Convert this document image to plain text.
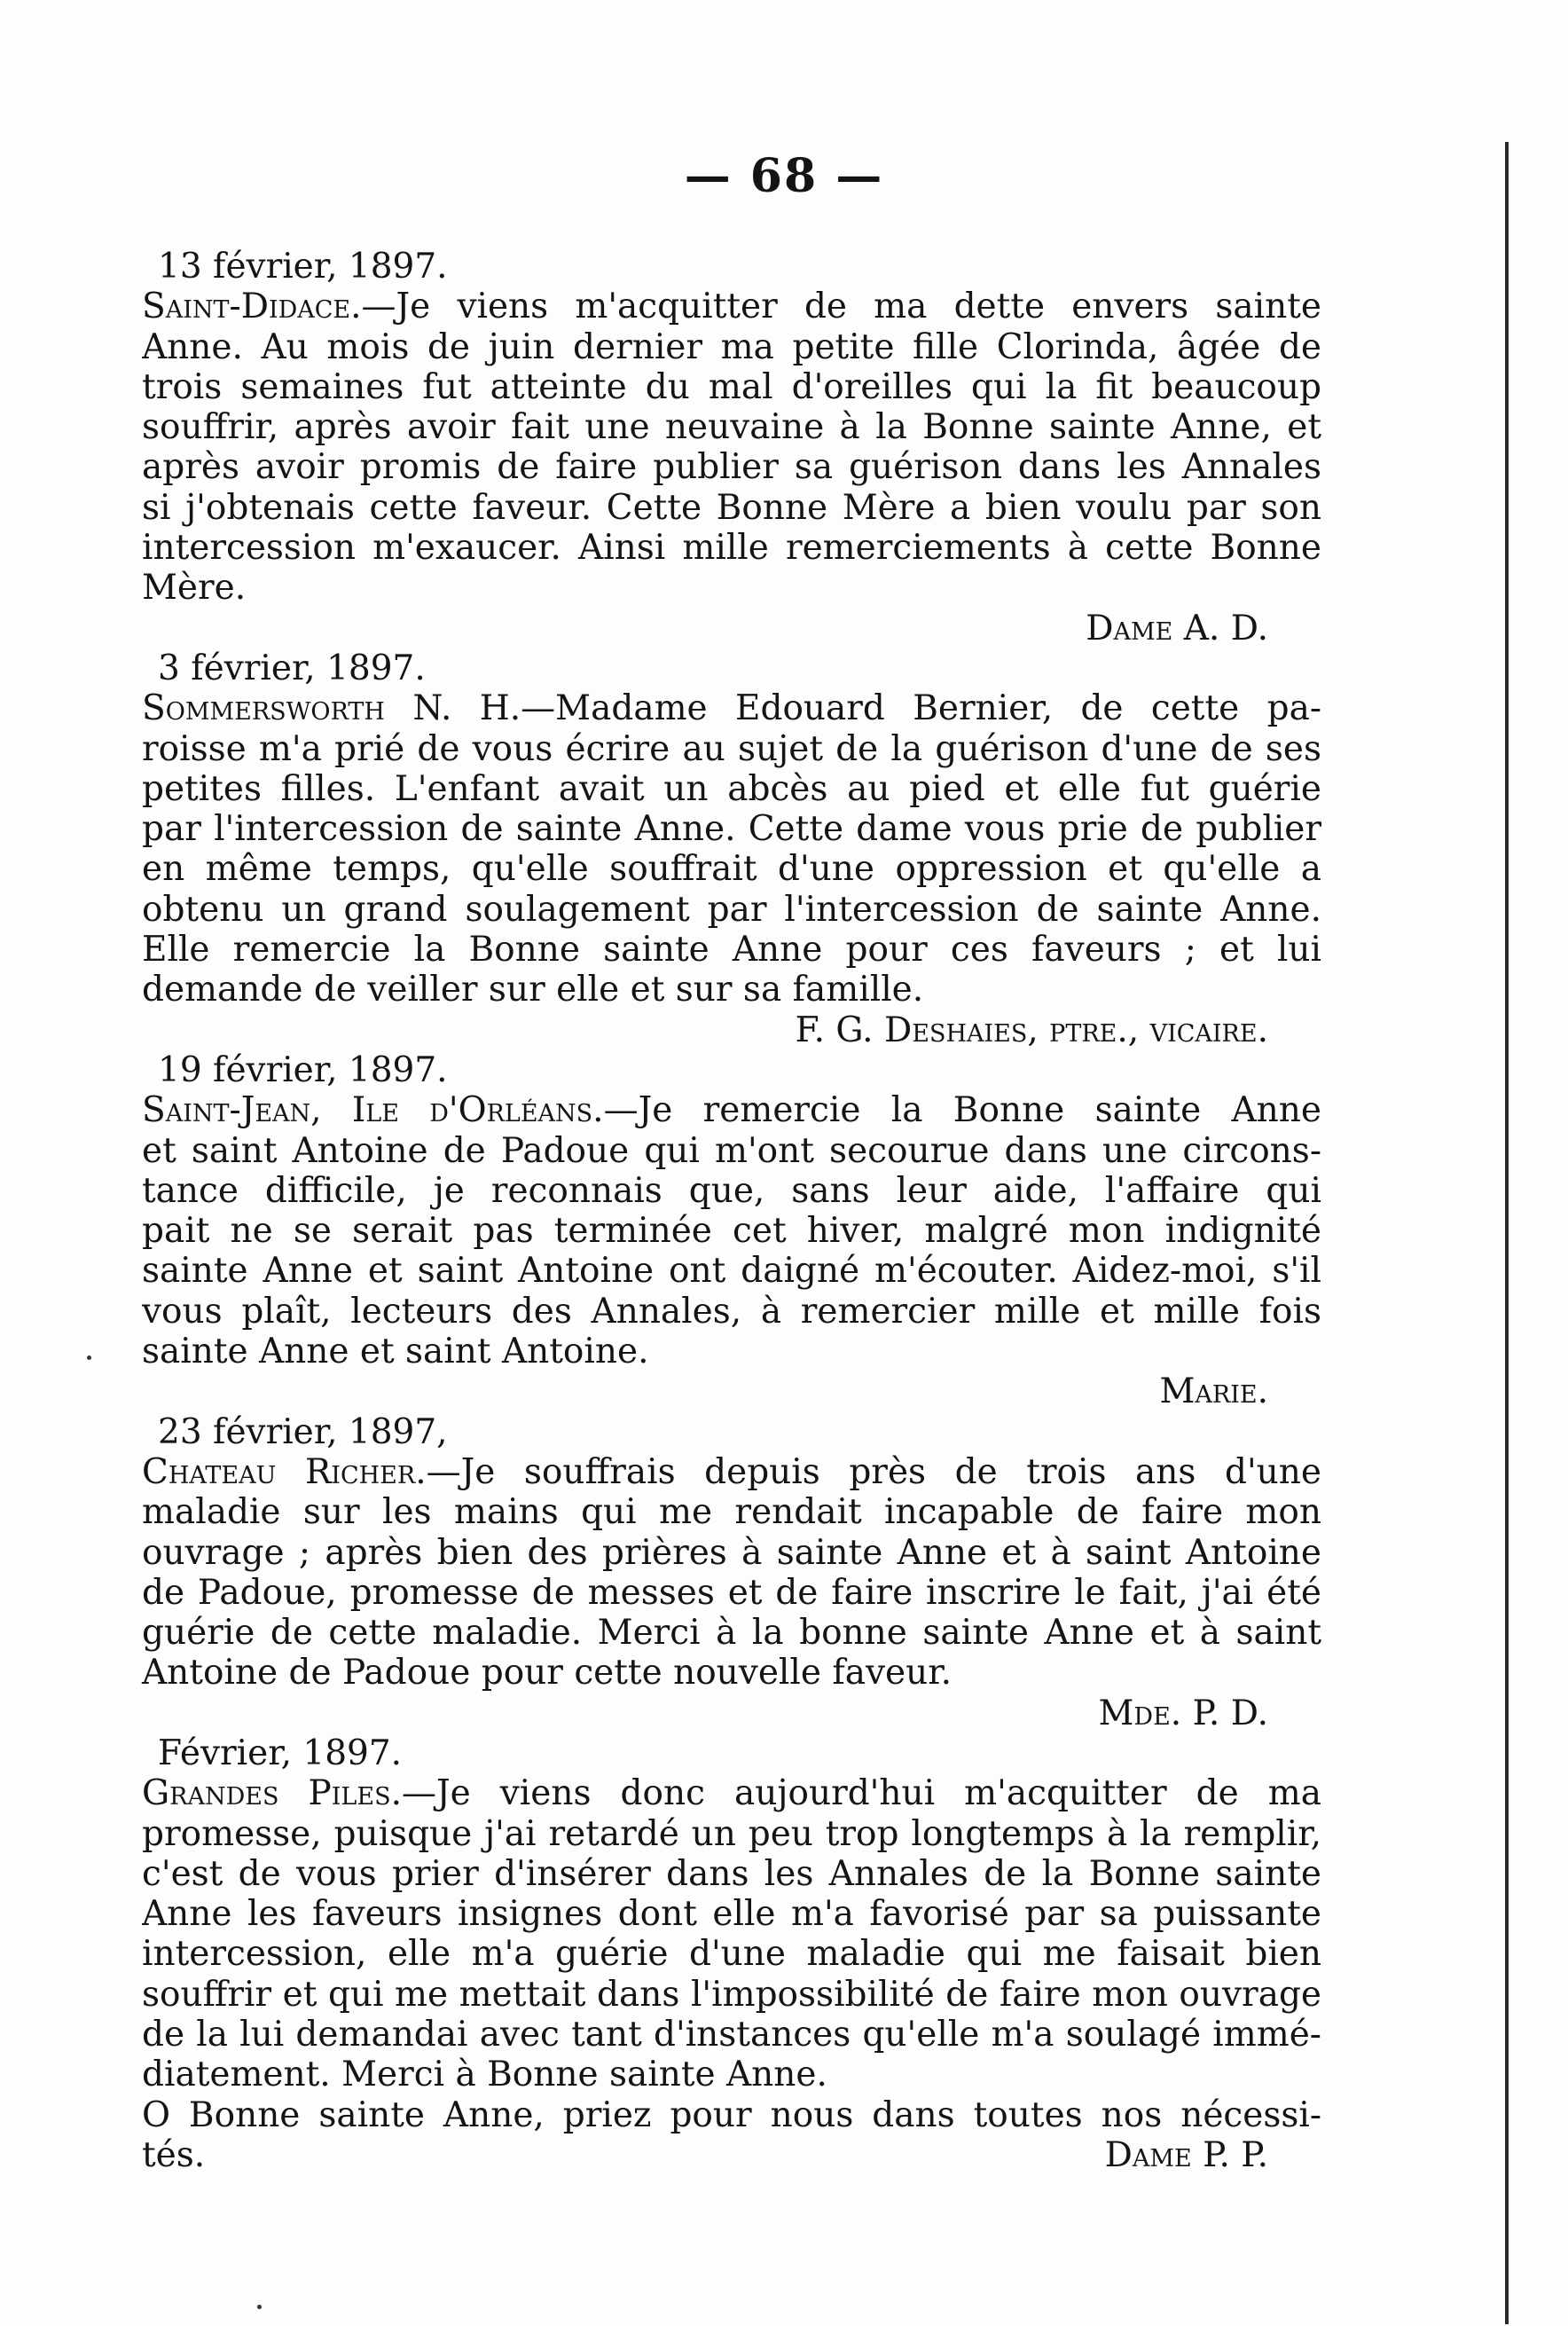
— 68 —
13 février, 1897.
Saint-Didace.—Je viens m'acquitter de ma dette envers sainte
Anne. Au mois de juin dernier ma petite fille Clorinda, âgée de
trois semaines fut atteinte du mal d'oreilles qui la fit beaucoup
souffrir, après avoir fait une neuvaine à la Bonne sainte Anne, et
après avoir promis de faire publier sa guérison dans les Annales
si j'obtenais cette faveur. Cette Bonne Mère a bien voulu par son
intercession m'exaucer. Ainsi mille remerciements à cette Bonne
Mère.
Dame A. D.
3 février, 1897.
Sommersworth N. H.—Madame Edouard Bernier, de cette pa-
roisse m'a prié de vous écrire au sujet de la guérison d'une de ses
petites filles. L'enfant avait un abcès au pied et elle fut guérie
par l'intercession de sainte Anne. Cette dame vous prie de publier
en même temps, qu'elle souffrait d'une oppression et qu'elle a
obtenu un grand soulagement par l'intercession de sainte Anne.
Elle remercie la Bonne sainte Anne pour ces faveurs ; et lui
demande de veiller sur elle et sur sa famille.
F. G. Deshaies, ptre., vicaire.
19 février, 1897.
Saint-Jean, Ile d'Orléans.—Je remercie la Bonne sainte Anne
et saint Antoine de Padoue qui m'ont secourue dans une circons-
tance difficile, je reconnais que, sans leur aide, l'affaire qui
pait ne se serait pas terminée cet hiver, malgré mon indignité
sainte Anne et saint Antoine ont daigné m'écouter. Aidez-moi, s'il
vous plaît, lecteurs des Annales, à remercier mille et mille fois
sainte Anne et saint Antoine.
Marie.
23 février, 1897,
Chateau Richer.—Je souffrais depuis près de trois ans d'une
maladie sur les mains qui me rendait incapable de faire mon
ouvrage ; après bien des prières à sainte Anne et à saint Antoine
de Padoue, promesse de messes et de faire inscrire le fait, j'ai été
guérie de cette maladie. Merci à la bonne sainte Anne et à saint
Antoine de Padoue pour cette nouvelle faveur.
Mde. P. D.
Février, 1897.
Grandes Piles.—Je viens donc aujourd'hui m'acquitter de ma
promesse, puisque j'ai retardé un peu trop longtemps à la remplir,
c'est de vous prier d'insérer dans les Annales de la Bonne sainte
Anne les faveurs insignes dont elle m'a favorisé par sa puissante
intercession, elle m'a guérie d'une maladie qui me faisait bien
souffrir et qui me mettait dans l'impossibilité de faire mon ouvrage
de la lui demandai avec tant d'instances qu'elle m'a soulagé immé-
diatement. Merci à Bonne sainte Anne.
O Bonne sainte Anne, priez pour nous dans toutes nos nécessi-
tés.	Dame P. P.
